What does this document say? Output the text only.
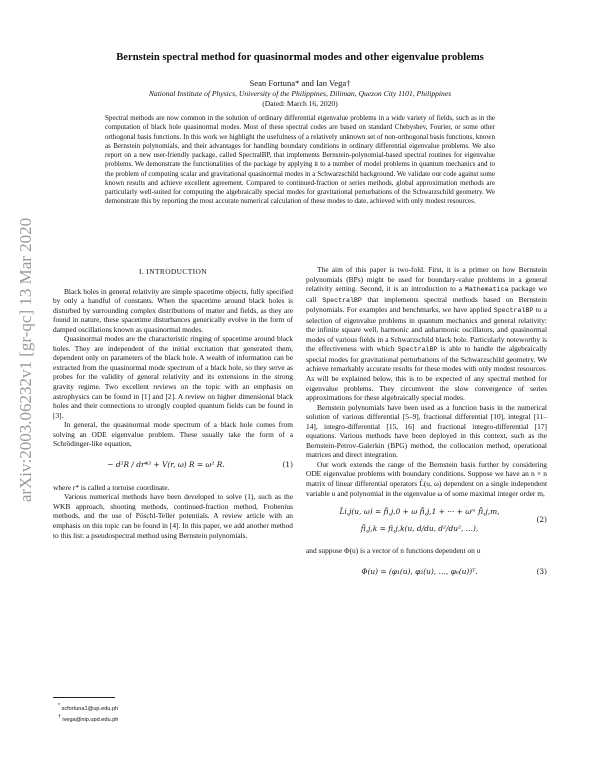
arXiv:2003.06232v1 [gr-qc] 13 Mar 2020
Bernstein spectral method for quasinormal modes and other eigenvalue problems
Sean Fortuna* and Ian Vega†
National Institute of Physics, University of the Philippines, Diliman, Quezon City 1101, Philippines
(Dated: March 16, 2020)

Spectral methods are now common in the solution of ordinary differential eigenvalue problems in a wide variety of fields, such as in the computation of black hole quasinormal modes. Most of these spectral codes are based on standard Chebyshev, Fourier, or some other orthogonal basis functions. In this work we highlight the usefulness of a relatively unknown set of non-orthogonal basis functions, known as Bernstein polynomials, and their advantages for handling boundary conditions in ordinary differential eigenvalue problems. We also report on a new user-friendly package, called SpectralBP, that implements Bernstein-polynomial-based spectral routines for eigenvalue problems. We demonstrate the functionalities of the package by applying it to a number of model problems in quantum mechanics and to the problem of computing scalar and gravitational quasinormal modes in a Schwarzschild background. We validate our code against some known results and achieve excellent agreement. Compared to continued-fraction or series methods, global approximation methods are particularly well-suited for computing the algebraically special modes for gravitational perturbations of the Schwarzschild geometry. We demonstrate this by reporting the most accurate numerical calculation of these modes to date, achieved with only modest resources.

I. INTRODUCTION

Black holes in general relativity are simple spacetime objects, fully specified by only a handful of constants. When the spacetime around black holes is disturbed by surrounding complex distributions of matter and fields, as they are found in nature, these spacetime disturbances generically evolve in the form of damped oscillations known as quasinormal modes.

Quasinormal modes are the characteristic ringing of spacetime around black holes. They are independent of the initial excitation that generated them, dependent only on parameters of the black hole. A wealth of information can be extracted from the quasinormal mode spectrum of a black hole, so they serve as probes for the validity of general relativity and its extensions in the strong gravity regime. Two excellent reviews on the topic with an emphasis on astrophysics can be found in [1] and [2]. A review on higher dimensional black holes and their connections to strongly coupled quantum fields can be found in [3].

In general, the quasinormal mode spectrum of a black hole comes from solving an ODE eigenvalue problem. These usually take the form of a Schrödinger-like equation,

− d²R / dr*² + V(r, ω) R = ω² R.	(1)

where r* is called a tortoise coordinate.

Various numerical methods have been developed to solve (1), such as the WKB approach, shooting methods, continued-fraction method, Frobenius methods, and the use of Pöschl-Teller potentials. A review article with an emphasis on this topic can be found in [4]. In this paper, we add another method to this list: a pseudospectral method using Bernstein polynomials.

The aim of this paper is two-fold. First, it is a primer on how Bernstein polynomials (BPs) might be used for boundary-value problems in a general relativity setting. Second, it is an introduction to a Mathematica package we call SpectralBP that implements spectral methods based on Bernstein polynomials. For examples and benchmarks, we have applied SpectralBP to a selection of eigenvalue problems in quantum mechanics and general relativity: the infinite square well, harmonic and anharmonic oscillators, and quasinormal modes of various fields in a Schwarzschild black hole. Particularly noteworthy is the effectiveness with which SpectralBP is able to handle the algebraically special modes for gravitational perturbations of the Schwarzschild geometry. We achieve remarkably accurate results for these modes with only modest resources. As will be explained below, this is to be expected of any spectral method for eigenvalue problems. They circumvent the slow convergence of series approximations for these algebraically special modes.

Bernstein polynomials have been used as a function basis in the numerical solution of various differential [5–9], fractional differential [10], integral [11–14], integro-differential [15, 16] and fractional integro-differential [17] equations. Various methods have been deployed in this context, such as the Bernstein-Petrov-Galerkin (BPG) method, the collocation method, operational matrices and direct integration.

Our work extends the range of the Bernstein basis further by considering ODE eigenvalue problems with boundary conditions. Suppose we have an n × n matrix of linear differential operators L̂(u, ω) dependent on a single independent variable u and polynomial in the eigenvalue ω of some maximal integer order m,

L̂i,j(u, ω) = f̂i,j,0 + ω f̂i,j,1 + ··· + ωᵐ f̂i,j,m,
f̂i,j,k = fi,j,k(u, d/du, d²/du², …),
(2)

and suppose Φ(u) is a vector of n functions dependent on u

Φ(u) = (φ₁(u), φ₂(u), …, φₙ(u))ᵀ.	(3)
* scfortuna1@up.edu.ph
† ivega@nip.upd.edu.ph
